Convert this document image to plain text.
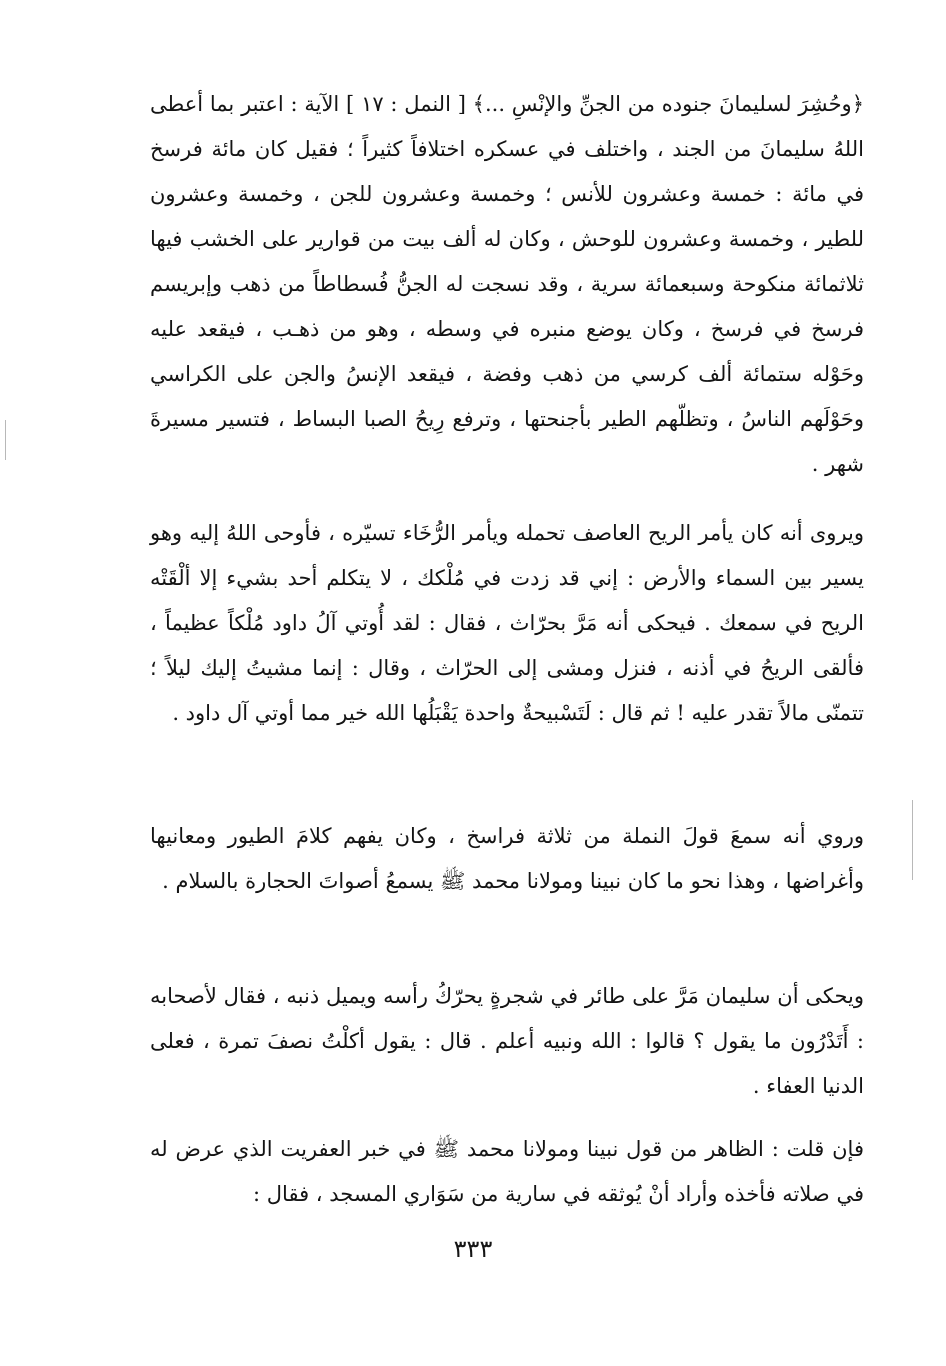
﴿وحُشِرَ لسليمانَ جنوده من الجنِّ والإنْسِ ...﴾ [ النمل : ١٧ ] الآية : اعتبر بما أعطى اللهُ سليمانَ من الجند ، واختلف في عسكره اختلافاً كثيراً ؛ فقيل كان مائة فرسخ في مائة : خمسة وعشرون للأنس ؛ وخمسة وعشرون للجن ، وخمسة وعشرون للطير ، وخمسة وعشرون للوحش ، وكان له ألف بيت من قوارير على الخشب فيها ثلاثمائة منكوحة وسبعمائة سرية ، وقد نسجت له الجنُّ فُسطاطاً من ذهب وإبريسم فرسخ في فرسخ ، وكان يوضع منبره في وسطه ، وهو من ذهـب ، فيقعد عليه وحَوْله ستمائة ألف كرسي من ذهب وفضة ، فيقعد الإنسُ والجن على الكراسي وحَوْلَهم الناسُ ، وتظلّهم الطير بأجنحتها ، وترفع رِيحُ الصبا البساط ، فتسير مسيرةَ شهر .

ويروى أنه كان يأمر الريح العاصف تحمله ويأمر الرُّخَاء تسيّره ، فأوحى اللهُ إليه وهو يسير بين السماء والأرض : إني قد زدت في مُلْكك ، لا يتكلم أحد بشيء إلا ألْقَتْه الريح في سمعك . فيحكى أنه مَرَّ بحرّاث ، فقال : لقد أُوتي آلُ داود مُلْكاً عظيماً ، فألقى الريحُ في أذنه ، فنزل ومشى إلى الحرّاث ، وقال : إنما مشيتُ إليك ليلاً ؛ تتمنّى مالاً تقدر عليه ! ثم قال : لَتَسْبيحةٌ واحدة يَقْبَلُها الله خير مما أوتي آل داود .

وروي أنه سمعَ قولَ النملة من ثلاثة فراسخ ، وكان يفهم كلامَ الطيور ومعانيها وأغراضها ، وهذا نحو ما كان نبينا ومولانا محمد ﷺ يسمعُ أصواتَ الحجارة بالسلام .

ويحكى أن سليمان مَرَّ على طائر في شجرةٍ يحرّكُ رأسه ويميل ذنبه ، فقال لأصحابه : أَتَدْرُون ما يقول ؟ قالوا : الله ونبيه أعلم . قال : يقول أكلْتُ نصفَ تمرة ، فعلى الدنيا العفاء .

فإن قلت : الظاهر من قول نبينا ومولانا محمد ﷺ في خبر العفريت الذي عرض له في صلاته فأخذه وأراد أنْ يُوثقه في سارية من سَوَاري المسجد ، فقال :

٣٣٣
